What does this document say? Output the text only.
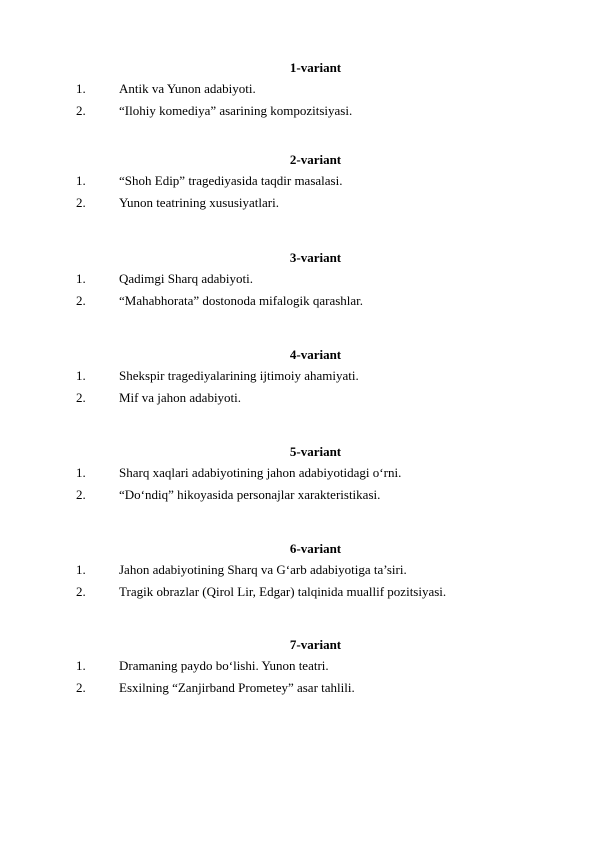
1-variant
1.	Antik va Yunon adabiyoti.
2.	“Ilohiy komediya” asarining kompozitsiyasi.
2-variant
1.	“Shoh Edip” tragediyasida taqdir masalasi.
2.	Yunon teatrining xususiyatlari.
3-variant
1.	Qadimgi Sharq adabiyoti.
2.	“Mahabhorata” dostonoda mifalogik qarashlar.
4-variant
1.	Shekspir tragediyalarining ijtimoiy ahamiyati.
2.	Mif va jahon adabiyoti.
5-variant
1.	Sharq xaqlari adabiyotining jahon adabiyotidagi o‘rni.
2.	“Do‘ndiq” hikoyasida personajlar xarakteristikasi.
6-variant
1.	Jahon adabiyotining Sharq va G‘arb adabiyotiga ta’siri.
2.	Tragik obrazlar (Qirol Lir, Edgar) talqinida muallif pozitsiyasi.
7-variant
1.	Dramaning paydo bo‘lishi. Yunon teatri.
2.	Esxilning “Zanjirband Prometey” asar tahlili.
